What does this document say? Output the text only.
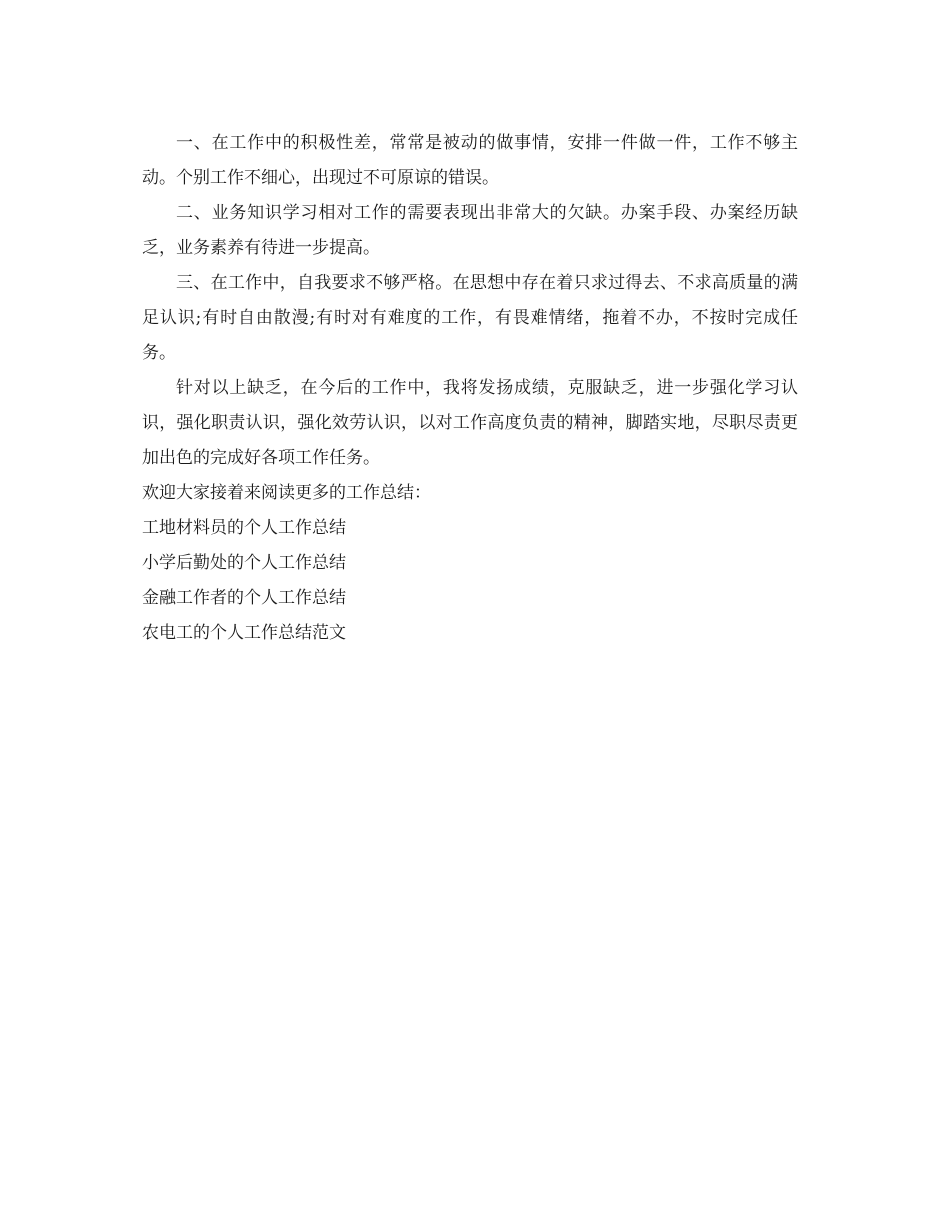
一、在工作中的积极性差，常常是被动的做事情，安排一件做一件，工作不够主动。个别工作不细心，出现过不可原谅的错误。

二、业务知识学习相对工作的需要表现出非常大的欠缺。办案手段、办案经历缺乏，业务素养有待进一步提高。

三、在工作中，自我要求不够严格。在思想中存在着只求过得去、不求高质量的满足认识;有时自由散漫;有时对有难度的工作，有畏难情绪，拖着不办，不按时完成任务。

针对以上缺乏，在今后的工作中，我将发扬成绩，克服缺乏，进一步强化学习认识，强化职责认识，强化效劳认识，以对工作高度负责的精神，脚踏实地，尽职尽责更加出色的完成好各项工作任务。

欢迎大家接着来阅读更多的工作总结：

工地材料员的个人工作总结

小学后勤处的个人工作总结

金融工作者的个人工作总结

农电工的个人工作总结范文
